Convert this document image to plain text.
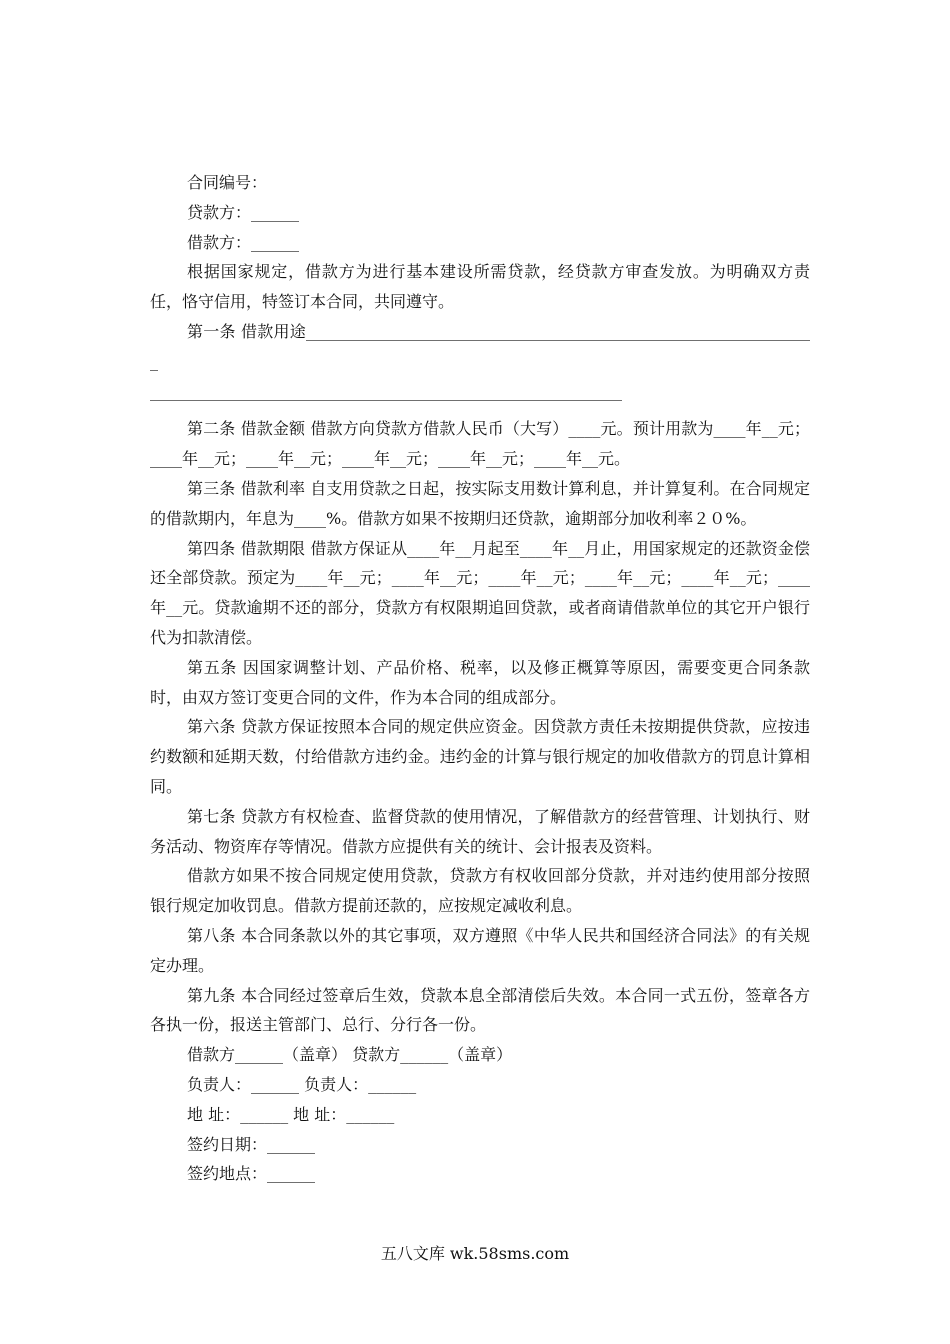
合同编号：

贷款方：______

借款方：______

根据国家规定，借款方为进行基本建设所需贷款，经贷款方审查发放。为明确双方责任，恪守信用，特签订本合同，共同遵守。

第一条 借款用途________________________________________________________________

___________________________________________________________

第二条 借款金额 借款方向贷款方借款人民币（大写）____元。预计用款为____年__元；____年__元；____年__元；____年__元；____年__元；____年__元。

第三条 借款利率 自支用贷款之日起，按实际支用数计算利息，并计算复利。在合同规定的借款期内，年息为____%。借款方如果不按期归还贷款，逾期部分加收利率２０%。

第四条 借款期限 借款方保证从____年__月起至____年__月止，用国家规定的还款资金偿还全部贷款。预定为____年__元；____年__元；____年__元；____年__元；____年__元；____年__元。贷款逾期不还的部分，贷款方有权限期追回贷款，或者商请借款单位的其它开户银行代为扣款清偿。

第五条 因国家调整计划、产品价格、税率，以及修正概算等原因，需要变更合同条款时，由双方签订变更合同的文件，作为本合同的组成部分。

第六条 贷款方保证按照本合同的规定供应资金。因贷款方责任未按期提供贷款，应按违约数额和延期天数，付给借款方违约金。违约金的计算与银行规定的加收借款方的罚息计算相同。

第七条 贷款方有权检查、监督贷款的使用情况，了解借款方的经营管理、计划执行、财务活动、物资库存等情况。借款方应提供有关的统计、会计报表及资料。

借款方如果不按合同规定使用贷款，贷款方有权收回部分贷款，并对违约使用部分按照银行规定加收罚息。借款方提前还款的，应按规定减收利息。

第八条 本合同条款以外的其它事项，双方遵照《中华人民共和国经济合同法》的有关规定办理。

第九条 本合同经过签章后生效，贷款本息全部清偿后失效。本合同一式五份，签章各方各执一份，报送主管部门、总行、分行各一份。

借款方______（盖章） 贷款方______（盖章）

负责人：______ 负责人：______

地 址：______ 地 址：______

签约日期：______

签约地点：______

五八文库 wk.58sms.com
